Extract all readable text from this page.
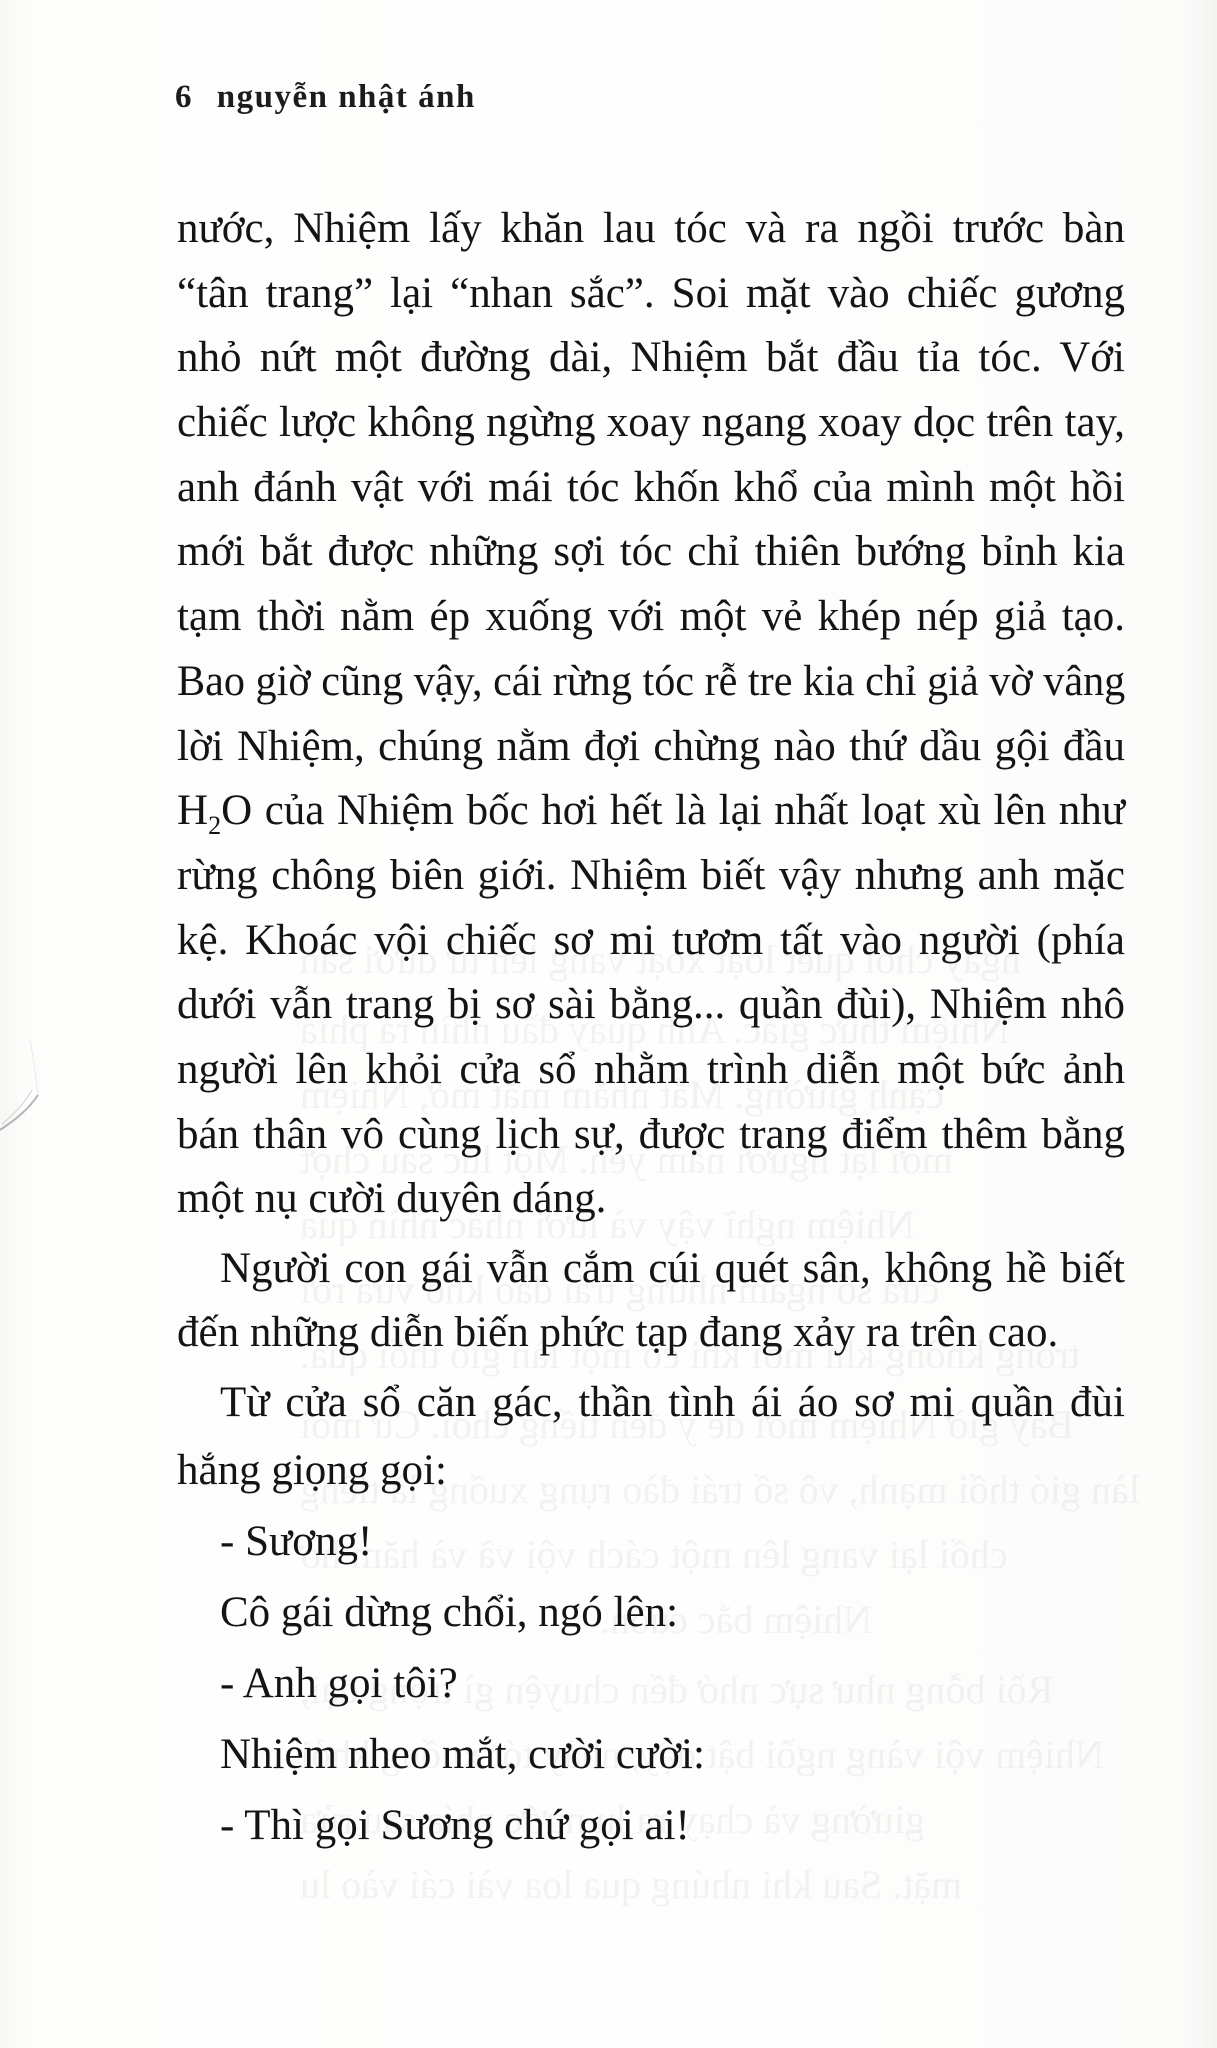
6 nguyễn nhật ánh
nước, Nhiệm lấy khăn lau tóc và ra ngồi trước bàn
“tân trang” lại “nhan sắc”. Soi mặt vào chiếc gương
nhỏ nứt một đường dài, Nhiệm bắt đầu tỉa tóc. Với
chiếc lược không ngừng xoay ngang xoay dọc trên tay,
anh đánh vật với mái tóc khốn khổ của mình một hồi
mới bắt được những sợi tóc chỉ thiên bướng bỉnh kia
tạm thời nằm ép xuống với một vẻ khép nép giả tạo.
Bao giờ cũng vậy, cái rừng tóc rễ tre kia chỉ giả vờ vâng
lời Nhiệm, chúng nằm đợi chừng nào thứ dầu gội đầu
$H_2O$ của Nhiệm bốc hơi hết là lại nhất loạt xù lên như
rừng chông biên giới. Nhiệm biết vậy nhưng anh mặc
kệ. Khoác vội chiếc sơ mi tươm tất vào người (phía
dưới vẫn trang bị sơ sài bằng... quần đùi), Nhiệm nhô
người lên khỏi cửa sổ nhằm trình diễn một bức ảnh
bán thân vô cùng lịch sự, được trang điểm thêm bằng
một nụ cười duyên dáng.
Người con gái vẫn cắm cúi quét sân, không hề biết
đến những diễn biến phức tạp đang xảy ra trên cao.
Từ cửa sổ căn gác, thần tình ái áo sơ mi quần đùi
hắng giọng gọi:
- Sương!
Cô gái dừng chổi, ngó lên:
- Anh gọi tôi?
Nhiệm nheo mắt, cười cười:
- Thì gọi Sương chứ gọi ai!
